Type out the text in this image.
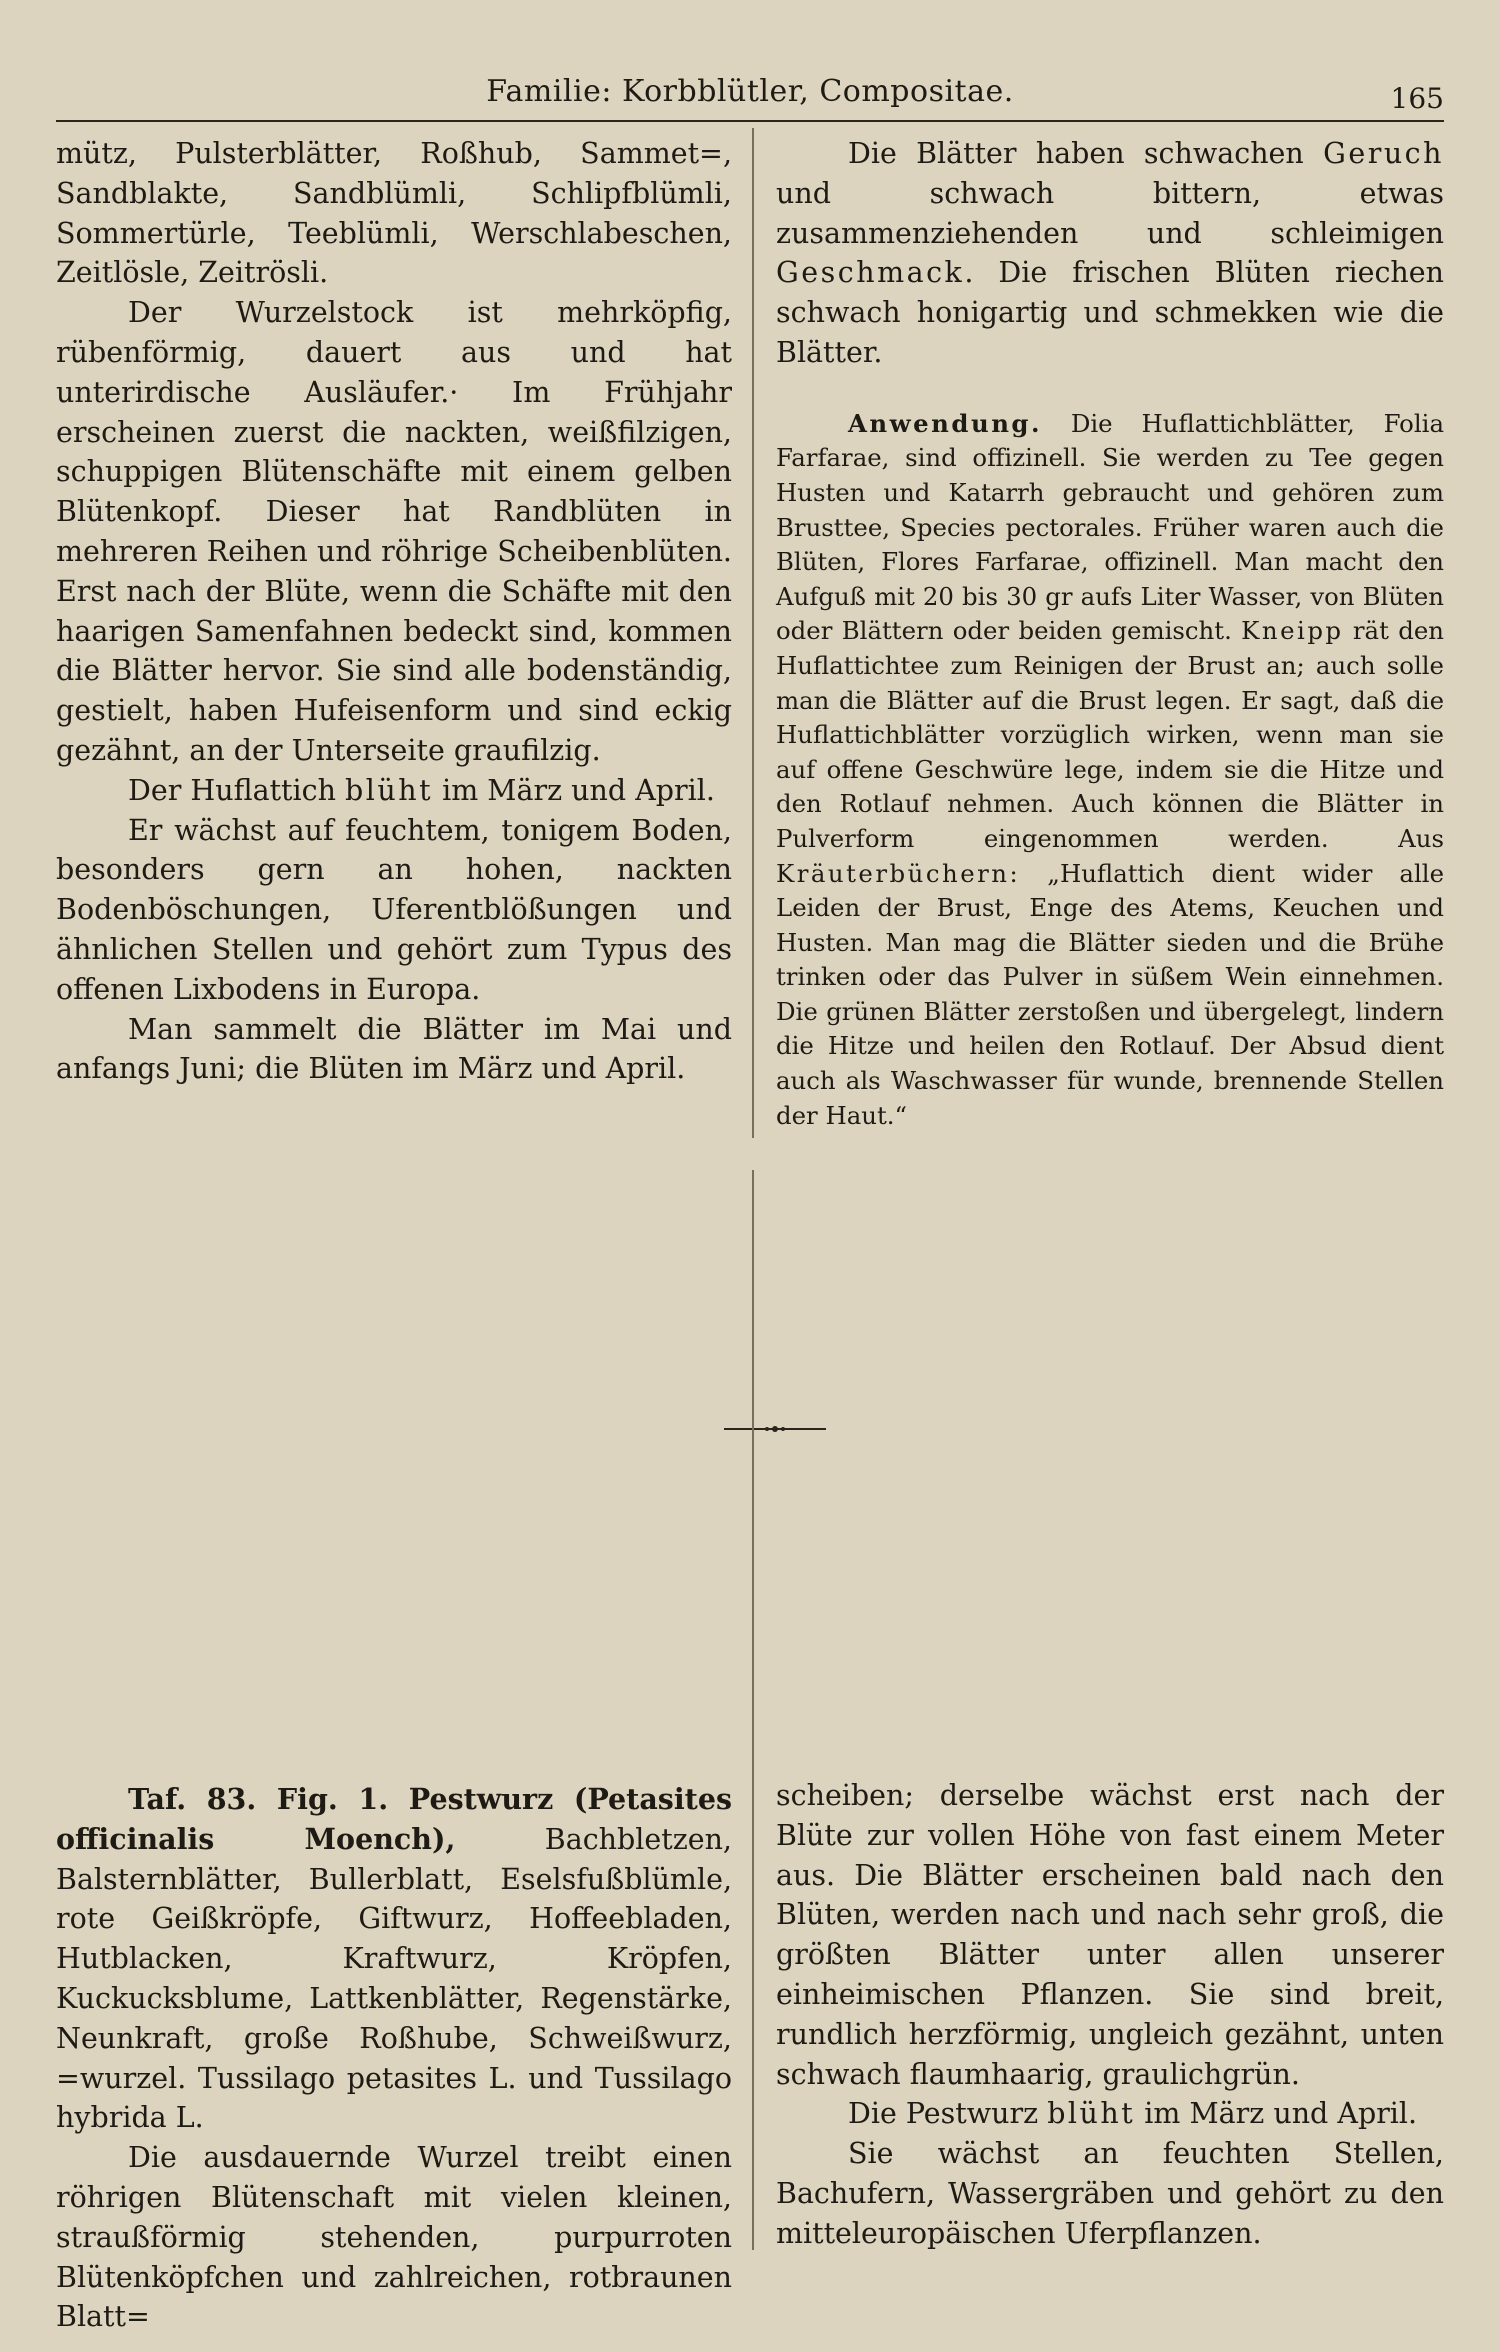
Familie: Korbblütler, Compositae.	165

mütz, Pulsterblätter, Roßhub, Sammet=, Sandblakte, Sandblümli, Schlipfblümli, Sommertürle, Teeblümli, Werschlabeschen, Zeitlösle, Zeitrösli.

Der Wurzelstock ist mehrköpfig, rübenförmig, dauert aus und hat unterirdische Ausläufer.· Im Frühjahr erscheinen zuerst die nackten, weißfilzigen, schuppigen Blütenschäfte mit einem gelben Blütenkopf. Dieser hat Randblüten in mehreren Reihen und röhrige Scheibenblüten. Erst nach der Blüte, wenn die Schäfte mit den haarigen Samenfahnen bedeckt sind, kommen die Blätter hervor. Sie sind alle bodenständig, gestielt, haben Hufeisenform und sind eckig gezähnt, an der Unterseite graufilzig.

Der Huflattich blüht im März und April.

Er wächst auf feuchtem, tonigem Boden, besonders gern an hohen, nackten Bodenböschungen, Uferentblößungen und ähnlichen Stellen und gehört zum Typus des offenen Lixbodens in Europa.

Man sammelt die Blätter im Mai und anfangs Juni; die Blüten im März und April.

Die Blätter haben schwachen Geruch und schwach bittern, etwas zusammenziehenden und schleimigen Geschmack. Die frischen Blüten riechen schwach honigartig und schmekken wie die Blätter.

Anwendung. Die Huflattichblätter, Folia Farfarae, sind offizinell. Sie werden zu Tee gegen Husten und Katarrh gebraucht und gehören zum Brusttee, Species pectorales. Früher waren auch die Blüten, Flores Farfarae, offizinell. Man macht den Aufguß mit 20 bis 30 gr aufs Liter Wasser, von Blüten oder Blättern oder beiden gemischt. Kneipp rät den Huflattichtee zum Reinigen der Brust an; auch solle man die Blätter auf die Brust legen. Er sagt, daß die Huflattichblätter vorzüglich wirken, wenn man sie auf offene Geschwüre lege, indem sie die Hitze und den Rotlauf nehmen. Auch können die Blätter in Pulverform eingenommen werden. Aus Kräuterbüchern: „Huflattich dient wider alle Leiden der Brust, Enge des Atems, Keuchen und Husten. Man mag die Blätter sieden und die Brühe trinken oder das Pulver in süßem Wein einnehmen. Die grünen Blätter zerstoßen und übergelegt, lindern die Hitze und heilen den Rotlauf. Der Absud dient auch als Waschwasser für wunde, brennende Stellen der Haut.“

Taf. 83. Fig. 1. Pestwurz (Petasites officinalis Moench), Bachbletzen, Balsternblätter, Bullerblatt, Eselsfußblümle, rote Geißkröpfe, Giftwurz, Hoffeebladen, Hutblacken, Kraftwurz, Kröpfen, Kuckucksblume, Lattkenblätter, Regenstärke, Neunkraft, große Roßhube, Schweißwurz, =wurzel. Tussilago petasites L. und Tussilago hybrida L.

Die ausdauernde Wurzel treibt einen röhrigen Blütenschaft mit vielen kleinen, straußförmig stehenden, purpurroten Blütenköpfchen und zahlreichen, rotbraunen Blatt=

scheiben; derselbe wächst erst nach der Blüte zur vollen Höhe von fast einem Meter aus. Die Blätter erscheinen bald nach den Blüten, werden nach und nach sehr groß, die größten Blätter unter allen unserer einheimischen Pflanzen. Sie sind breit, rundlich herzförmig, ungleich gezähnt, unten schwach flaumhaarig, graulichgrün.

Die Pestwurz blüht im März und April.

Sie wächst an feuchten Stellen, Bachufern, Wassergräben und gehört zu den mitteleuropäischen Uferpflanzen.
